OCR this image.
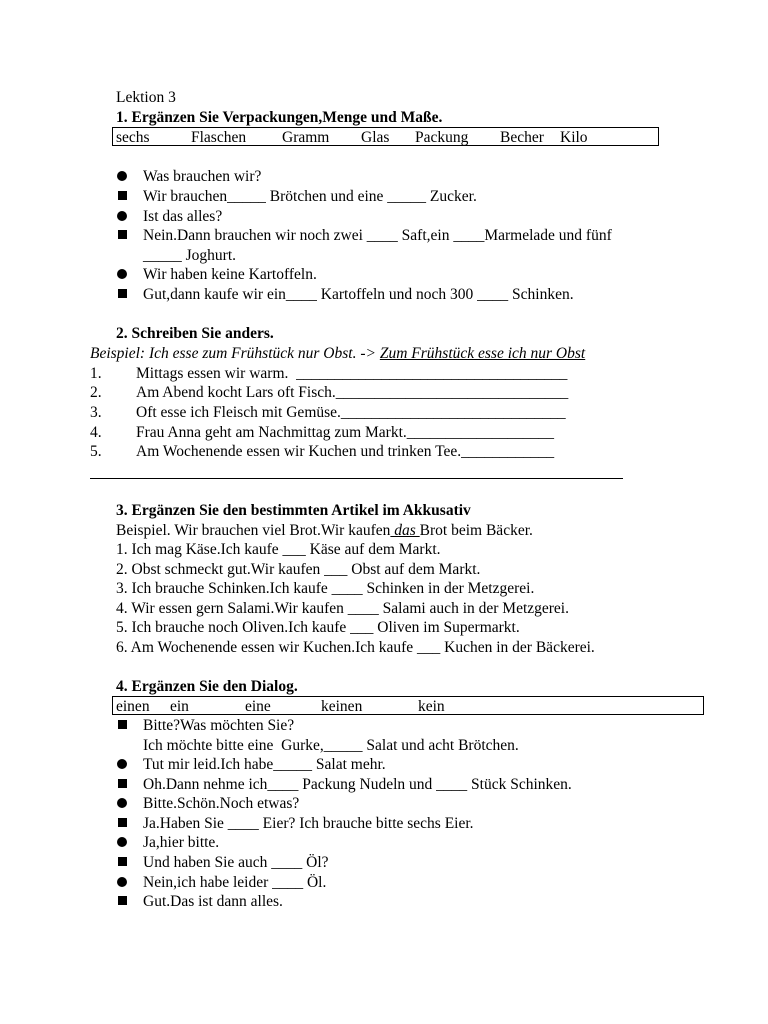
Lektion 3
1. Ergänzen Sie Verpackungen,Menge und Maße.

sechs

	Flaschen

Gramm

Glas

Packung

Becher

Kilo

Was brauchen wir?
Wir brauchen_____ Brötchen und eine _____ Zucker.
Ist das alles?
Nein.Dann brauchen wir noch zwei ____ Saft,ein ____Marmelade und fünf
_____ Joghurt.
Wir haben keine Kartoffeln.
Gut,dann kaufe wir ein____ Kartoffeln und noch 300 ____ Schinken.
2. Schreiben Sie anders.
Beispiel: Ich esse zum Frühstück nur Obst. -> Zum Frühstück esse ich nur Obst
1.	Mittags essen wir warm.  ___________________________________
2.	Am Abend kocht Lars oft Fisch.______________________________
3.	Oft esse ich Fleisch mit Gemüse._____________________________
4.	Frau Anna geht am Nachmittag zum Markt.___________________
5.	Am Wochenende essen wir Kuchen und trinken Tee.____________
3. Ergänzen Sie den bestimmten Artikel im Akkusativ
Beispiel. Wir brauchen viel Brot.Wir kaufen das Brot beim Bäcker.
1. Ich mag Käse.Ich kaufe ___ Käse auf dem Markt.
2. Obst schmeckt gut.Wir kaufen ___ Obst auf dem Markt.
3. Ich brauche Schinken.Ich kaufe ____ Schinken in der Metzgerei.
4. Wir essen gern Salami.Wir kaufen ____ Salami auch in der Metzgerei.
5. Ich brauche noch Oliven.Ich kaufe ___ Oliven im Supermarkt.
6. Am Wochenende essen wir Kuchen.Ich kaufe ___ Kuchen in der Bäckerei.
4. Ergänzen Sie den Dialog.

einen

ein

	eine

	keinen

	kein

Bitte?Was möchten Sie?
Ich möchte bitte eine  Gurke,_____ Salat und acht Brötchen.
Tut mir leid.Ich habe_____ Salat mehr.
Oh.Dann nehme ich____ Packung Nudeln und ____ Stück Schinken.
Bitte.Schön.Noch etwas?
Ja.Haben Sie ____ Eier? Ich brauche bitte sechs Eier.
Ja,hier bitte.
Und haben Sie auch ____ Öl?
Nein,ich habe leider ____ Öl.
Gut.Das ist dann alles.
